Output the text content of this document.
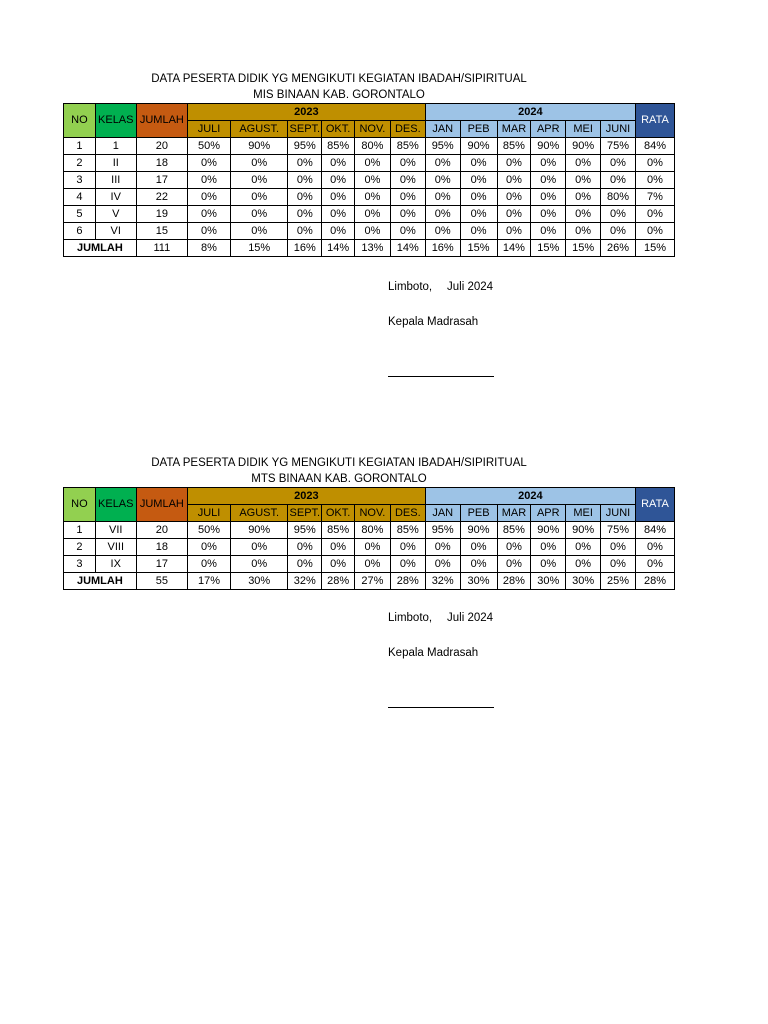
DATA PESERTA DIDIK YG MENGIKUTI KEGIATAN IBADAH/SIPIRITUAL
MIS BINAAN KAB. GORONTALO
NO	KELAS	JUMLAH	2023						2024						RATA
			JULI	AGUST.	SEPT.	OKT.	NOV.	DES.	JAN	PEB	MAR	APR	MEI	JUNI	
1	1	20	50%	90%	95%	85%	80%	85%	95%	90%	85%	90%	90%	75%	84%
2	II	18	0%	0%	0%	0%	0%	0%	0%	0%	0%	0%	0%	0%	0%
3	III	17	0%	0%	0%	0%	0%	0%	0%	0%	0%	0%	0%	0%	0%
4	IV	22	0%	0%	0%	0%	0%	0%	0%	0%	0%	0%	0%	80%	7%
5	V	19	0%	0%	0%	0%	0%	0%	0%	0%	0%	0%	0%	0%	0%
6	VI	15	0%	0%	0%	0%	0%	0%	0%	0%	0%	0%	0%	0%	0%
JUMLAH		111	8%	15%	16%	14%	13%	14%	16%	15%	14%	15%	15%	26%	15%
Limboto, Juli 2024
Kepala Madrasah
DATA PESERTA DIDIK YG MENGIKUTI KEGIATAN IBADAH/SIPIRITUAL
MTS BINAAN KAB. GORONTALO
NO	KELAS	JUMLAH	2023						2024						RATA
			JULI	AGUST.	SEPT.	OKT.	NOV.	DES.	JAN	PEB	MAR	APR	MEI	JUNI	
1	VII	20	50%	90%	95%	85%	80%	85%	95%	90%	85%	90%	90%	75%	84%
2	VIII	18	0%	0%	0%	0%	0%	0%	0%	0%	0%	0%	0%	0%	0%
3	IX	17	0%	0%	0%	0%	0%	0%	0%	0%	0%	0%	0%	0%	0%
JUMLAH		55	17%	30%	32%	28%	27%	28%	32%	30%	28%	30%	30%	25%	28%
Limboto, Juli 2024
Kepala Madrasah
